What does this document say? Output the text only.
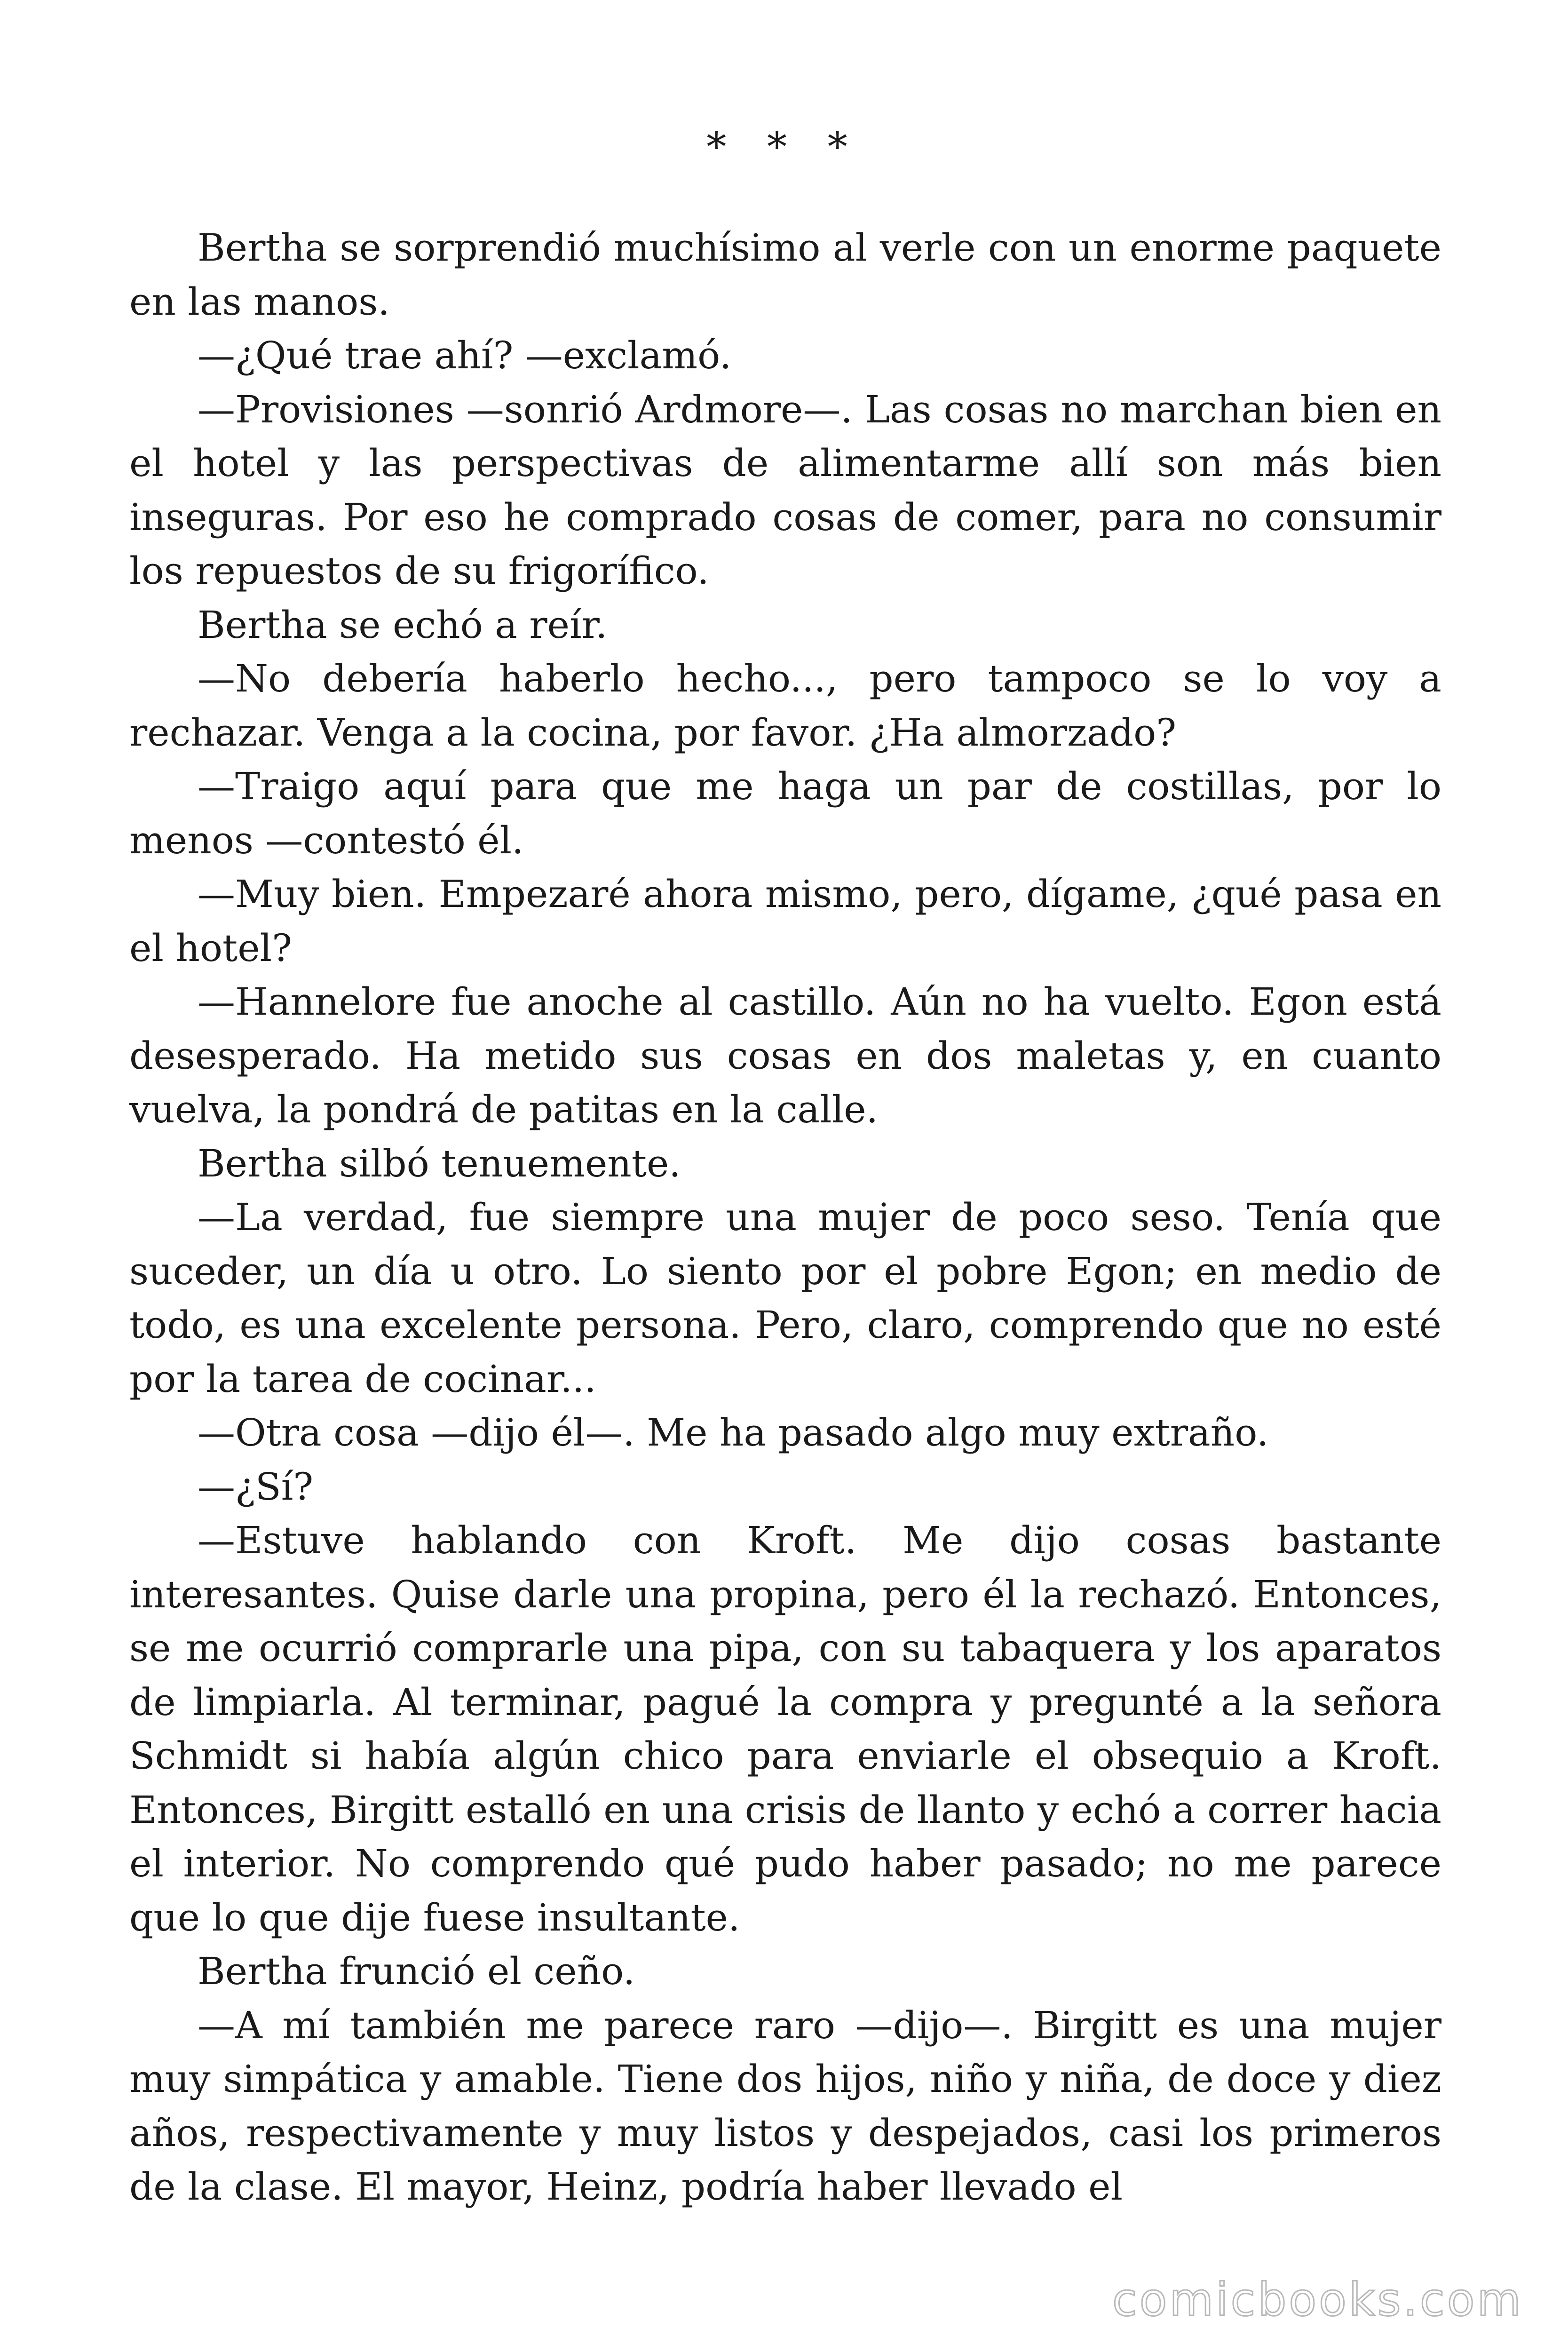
* * *

Bertha se sorprendió muchísimo al verle con un enorme paquete en las manos.

—¿Qué trae ahí? —exclamó.

—Provisiones —sonrió Ardmore—. Las cosas no marchan bien en el hotel y las perspectivas de alimentarme allí son más bien inseguras. Por eso he comprado cosas de comer, para no consumir los repuestos de su frigorífico.

Bertha se echó a reír.

—No debería haberlo hecho..., pero tampoco se lo voy a rechazar. Venga a la cocina, por favor. ¿Ha almorzado?

—Traigo aquí para que me haga un par de costillas, por lo menos —contestó él.

—Muy bien. Empezaré ahora mismo, pero, dígame, ¿qué pasa en el hotel?

—Hannelore fue anoche al castillo. Aún no ha vuelto. Egon está desesperado. Ha metido sus cosas en dos maletas y, en cuanto vuelva, la pondrá de patitas en la calle.

Bertha silbó tenuemente.

—La verdad, fue siempre una mujer de poco seso. Tenía que suceder, un día u otro. Lo siento por el pobre Egon; en medio de todo, es una excelente persona. Pero, claro, comprendo que no esté por la tarea de cocinar...

—Otra cosa —dijo él—. Me ha pasado algo muy extraño.

—¿Sí?

—Estuve hablando con Kroft. Me dijo cosas bastante interesantes. Quise darle una propina, pero él la rechazó. Entonces, se me ocurrió comprarle una pipa, con su tabaquera y los aparatos de limpiarla. Al terminar, pagué la compra y pregunté a la señora Schmidt si había algún chico para enviarle el obsequio a Kroft. Entonces, Birgitt estalló en una crisis de llanto y echó a correr hacia el interior. No comprendo qué pudo haber pasado; no me parece que lo que dije fuese insultante.

Bertha frunció el ceño.

—A mí también me parece raro —dijo—. Birgitt es una mujer muy simpática y amable. Tiene dos hijos, niño y niña, de doce y diez años, respectivamente y muy listos y despejados, casi los primeros de la clase. El mayor, Heinz, podría haber llevado el

comicbooks.com
